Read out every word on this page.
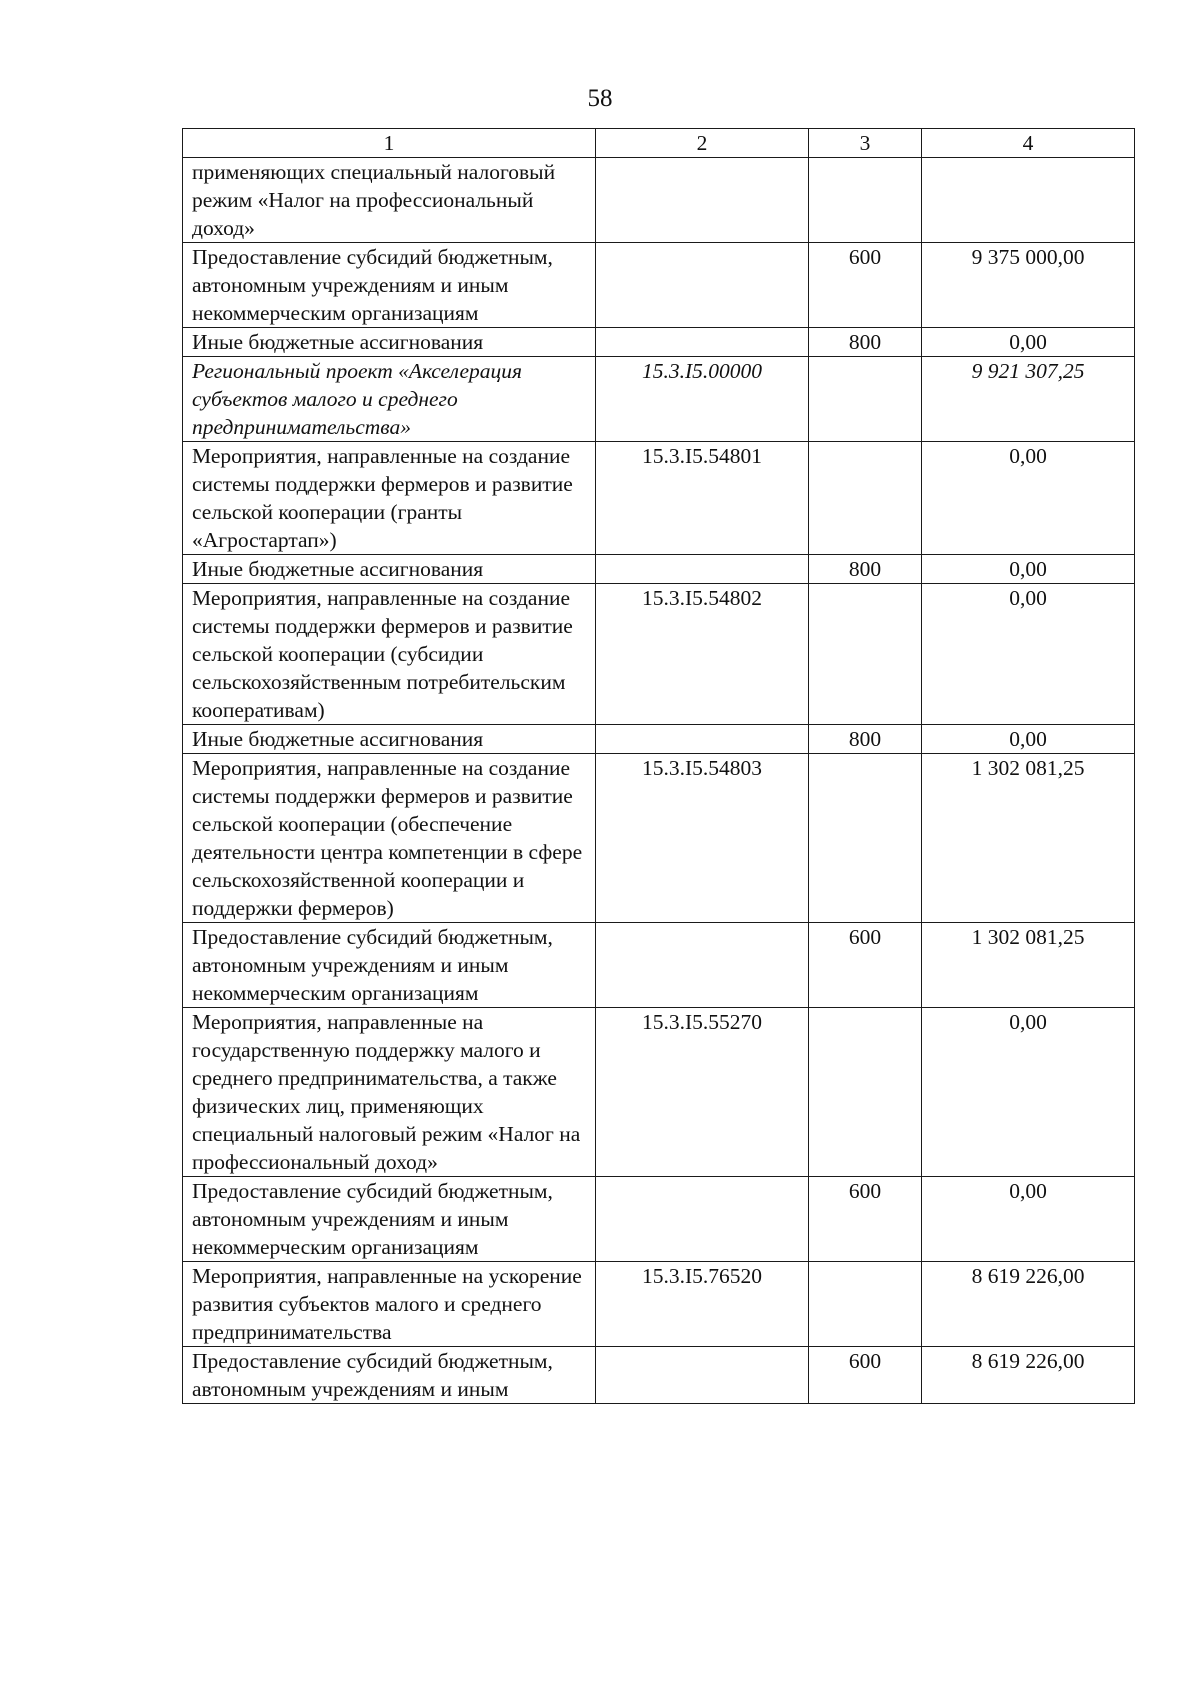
58
1	2	3	4
применяющих специальный налоговый режим «Налог на профессиональный доход»			
Предоставление субсидий бюджетным, автономным учреждениям и иным некоммерческим организациям		600	9 375 000,00
Иные бюджетные ассигнования		800	0,00
Региональный проект «Акселерация субъектов малого и среднего предпринимательства»	15.3.I5.00000		9 921 307,25
Мероприятия, направленные на создание системы поддержки фермеров и развитие сельской кооперации (гранты «Агростартап»)	15.3.I5.54801		0,00
Иные бюджетные ассигнования		800	0,00
Мероприятия, направленные на создание системы поддержки фермеров и развитие сельской кооперации (субсидии сельскохозяйственным потребительским кооперативам)	15.3.I5.54802		0,00
Иные бюджетные ассигнования		800	0,00
Мероприятия, направленные на создание системы поддержки фермеров и развитие сельской кооперации (обеспечение деятельности центра компетенции в сфере сельскохозяйственной кооперации и поддержки фермеров)	15.3.I5.54803		1 302 081,25
Предоставление субсидий бюджетным, автономным учреждениям и иным некоммерческим организациям		600	1 302 081,25
Мероприятия, направленные на государственную поддержку малого и среднего предпринимательства, а также физических лиц, применяющих специальный налоговый режим «Налог на профессиональный доход»	15.3.I5.55270		0,00
Предоставление субсидий бюджетным, автономным учреждениям и иным некоммерческим организациям		600	0,00
Мероприятия, направленные на ускорение развития субъектов малого и среднего предпринимательства	15.3.I5.76520		8 619 226,00
Предоставление субсидий бюджетным, автономным учреждениям и иным		600	8 619 226,00
